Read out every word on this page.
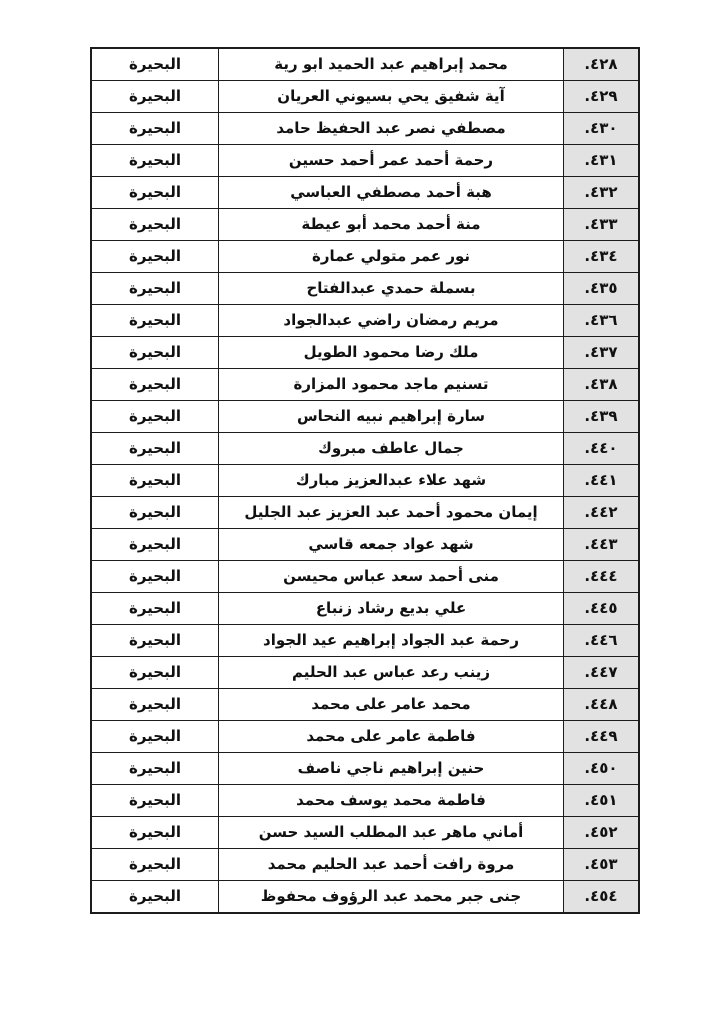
٤٢٨.	محمد إبراهيم عبد الحميد ابو رية	البحيرة
٤٢٩.	آية شفيق يحي بسيوني العريان	البحيرة
٤٣٠.	مصطفي نصر عبد الحفيظ حامد	البحيرة
٤٣١.	رحمة أحمد عمر أحمد حسين	البحيرة
٤٣٢.	هبة أحمد مصطفي العباسي	البحيرة
٤٣٣.	منة أحمد محمد أبو عيطة	البحيرة
٤٣٤.	نور عمر متولي عمارة	البحيرة
٤٣٥.	بسملة حمدي عبدالفتاح	البحيرة
٤٣٦.	مريم رمضان راضي عبدالجواد	البحيرة
٤٣٧.	ملك رضا محمود الطويل	البحيرة
٤٣٨.	تسنيم ماجد محمود المزارة	البحيرة
٤٣٩.	سارة إبراهيم نبيه النحاس	البحيرة
٤٤٠.	جمال عاطف مبروك	البحيرة
٤٤١.	شهد علاء عبدالعزيز مبارك	البحيرة
٤٤٢.	إيمان محمود أحمد عبد العزيز عبد الجليل	البحيرة
٤٤٣.	شهد عواد جمعه قاسي	البحيرة
٤٤٤.	منى أحمد سعد عباس محيسن	البحيرة
٤٤٥.	علي بديع رشاد زنباع	البحيرة
٤٤٦.	رحمة عبد الجواد إبراهيم عيد الجواد	البحيرة
٤٤٧.	زينب رعد عباس عبد الحليم	البحيرة
٤٤٨.	محمد عامر على محمد	البحيرة
٤٤٩.	فاطمة عامر على محمد	البحيرة
٤٥٠.	حنين إبراهيم ناجي ناصف	البحيرة
٤٥١.	فاطمة محمد يوسف محمد	البحيرة
٤٥٢.	أماني ماهر عبد المطلب السيد حسن	البحيرة
٤٥٣.	مروة رافت أحمد عبد الحليم محمد	البحيرة
٤٥٤.	جنى جبر محمد عبد الرؤوف محفوظ	البحيرة
